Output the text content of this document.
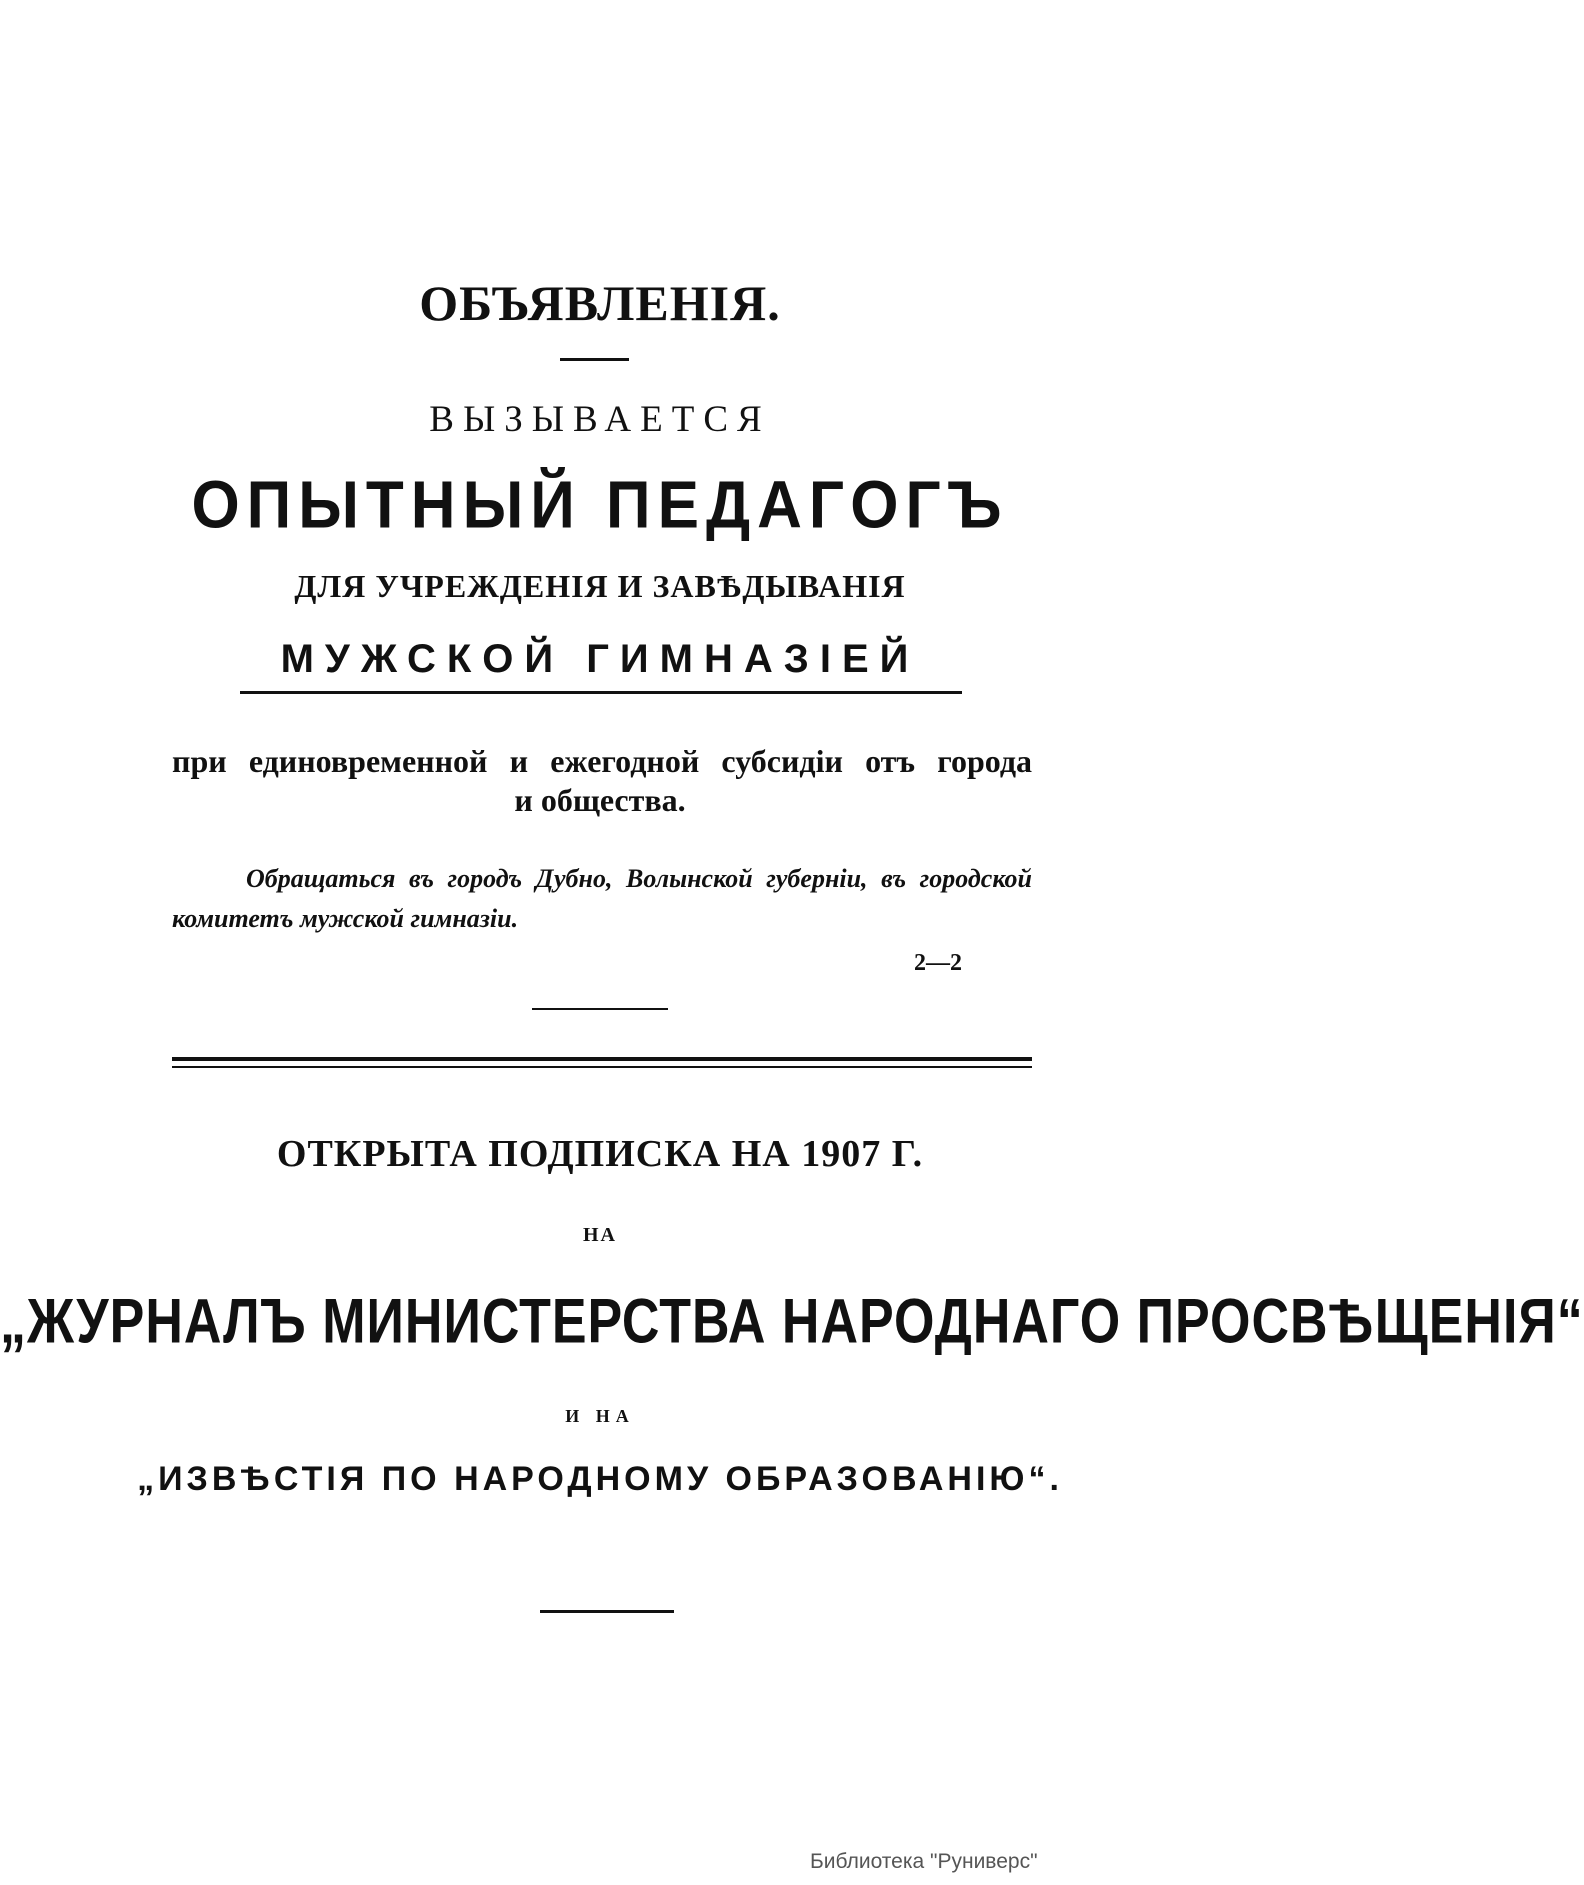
ОБЪЯВЛЕНІЯ.
ВЫЗЫВАЕТСЯ
ОПЫТНЫЙ ПЕДАГОГЪ
ДЛЯ УЧРЕЖДЕНІЯ И ЗАВѢДЫВАНІЯ
МУЖСКОЙ ГИМНАЗІЕЙ
при единовременной и ежегодной субсидіи отъ города
и общества.
Обращаться въ городъ Дубно, Волынской губерніи, въ городской
комитетъ мужской гимназіи.
2—2
ОТКРЫТА ПОДПИСКА НА 1907 Г.
НА
„ЖУРНАЛЪ МИНИСТЕРСТВА НАРОДНАГО ПРОСВѢЩЕНІЯ“
И НА
„ИЗВѢСТІЯ ПО НАРОДНОМУ ОБРАЗОВАНІЮ“.
Библиотека "Руниверс"
